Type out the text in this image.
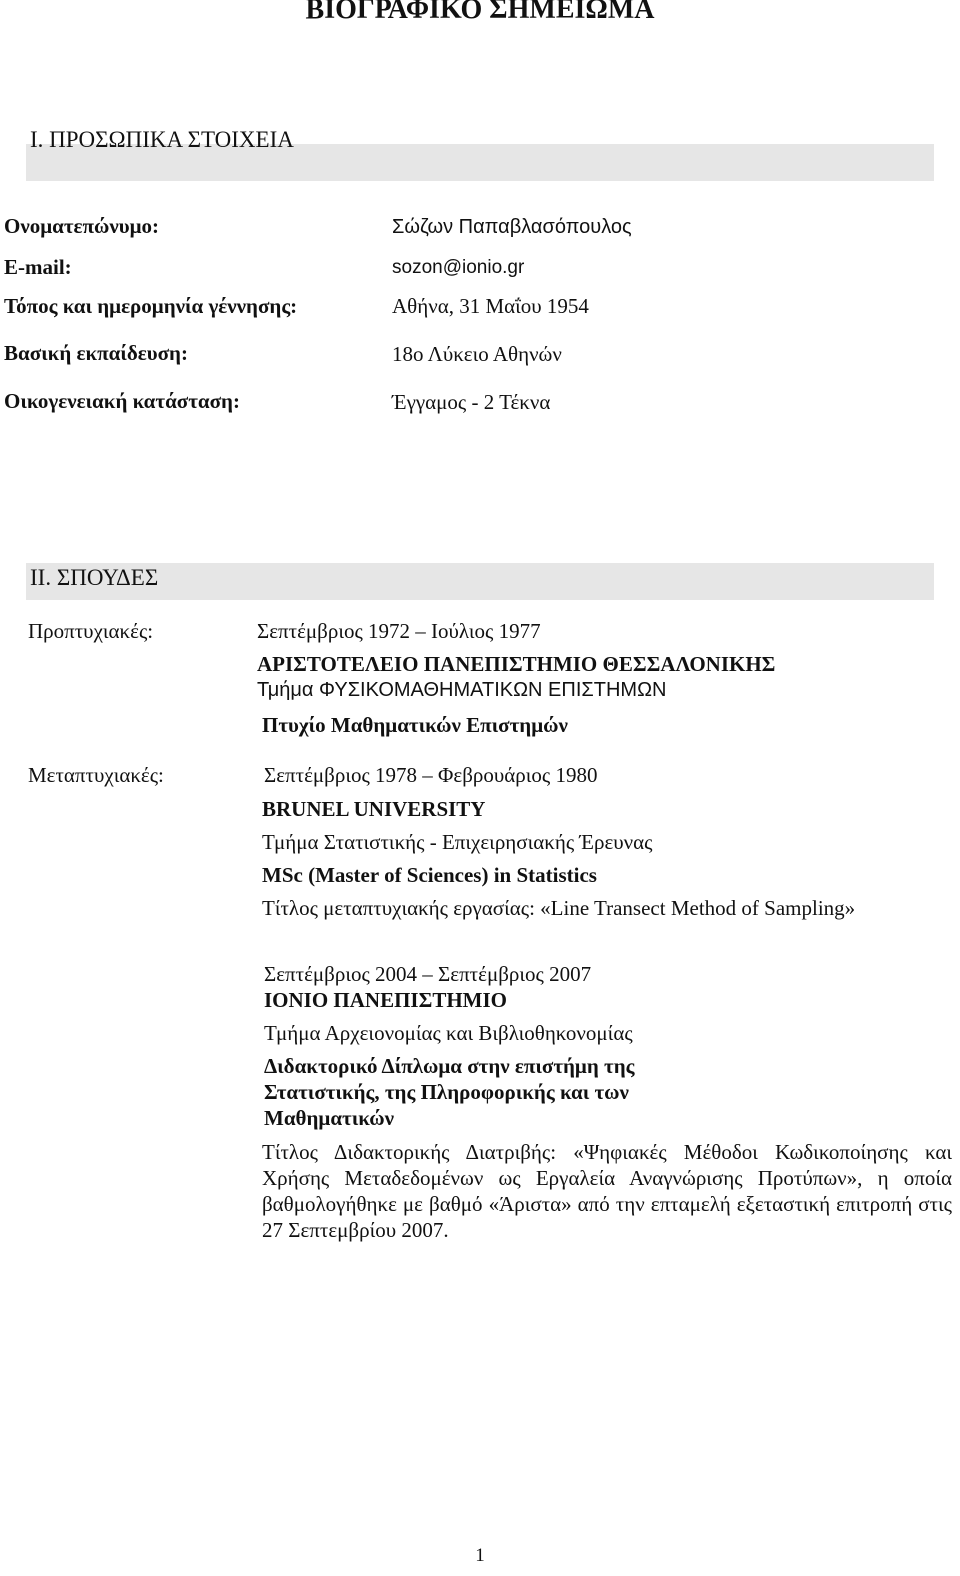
ΒΙΟΓΡΑΦΙΚΟ ΣΗΜΕΙΩΜΑ
Ι. ΠΡΟΣΩΠΙΚΑ ΣΤΟΙΧΕΙΑ
Ονοματεπώνυμο:	Σώζων Παπαβλασόπουλος
E-mail:	sozon@ionio.gr
Τόπος και ημερομηνία γέννησης:	Αθήνα, 31 Μαΐου 1954
Βασική εκπαίδευση:	18ο Λύκειο Αθηνών
Οικογενειακή κατάσταση:	Έγγαμος - 2 Τέκνα
ΙΙ. ΣΠΟΥΔΕΣ
Προπτυχιακές:	Σεπτέμβριος 1972 – Ιούλιος 1977
ΑΡΙΣΤΟΤΕΛΕΙΟ ΠΑΝΕΠΙΣΤΗΜΙΟ ΘΕΣΣΑΛΟΝΙΚΗΣ
Τμήμα ΦΥΣΙΚΟΜΑΘΗΜΑΤΙΚΩΝ ΕΠΙΣΤΗΜΩΝ
Πτυχίο Μαθηματικών Επιστημών
Μεταπτυχιακές:	Σεπτέμβριος 1978 – Φεβρουάριος 1980
BRUNEL UNIVERSITY
Τμήμα Στατιστικής - Επιχειρησιακής Έρευνας
MSc (Master of Sciences) in Statistics
Τίτλος μεταπτυχιακής εργασίας: «Line Transect Method of Sampling»
Σεπτέμβριος 2004 – Σεπτέμβριος 2007
ΙΟΝΙΟ ΠΑΝΕΠΙΣΤΗΜΙΟ
Τμήμα Αρχειονομίας και Βιβλιοθηκονομίας
Διδακτορικό Δίπλωμα στην επιστήμη της
Στατιστικής, της Πληροφορικής και των
Μαθηματικών
Τίτλος Διδακτορικής Διατριβής: «Ψηφιακές Μέθοδοι Κωδικοποίησης και Χρήσης Μεταδεδομένων ως Εργαλεία Αναγνώρισης Προτύπων», η οποία βαθμολογήθηκε με βαθμό «Άριστα» από την επταμελή εξεταστική επιτροπή στις 27 Σεπτεμβρίου 2007.
1
